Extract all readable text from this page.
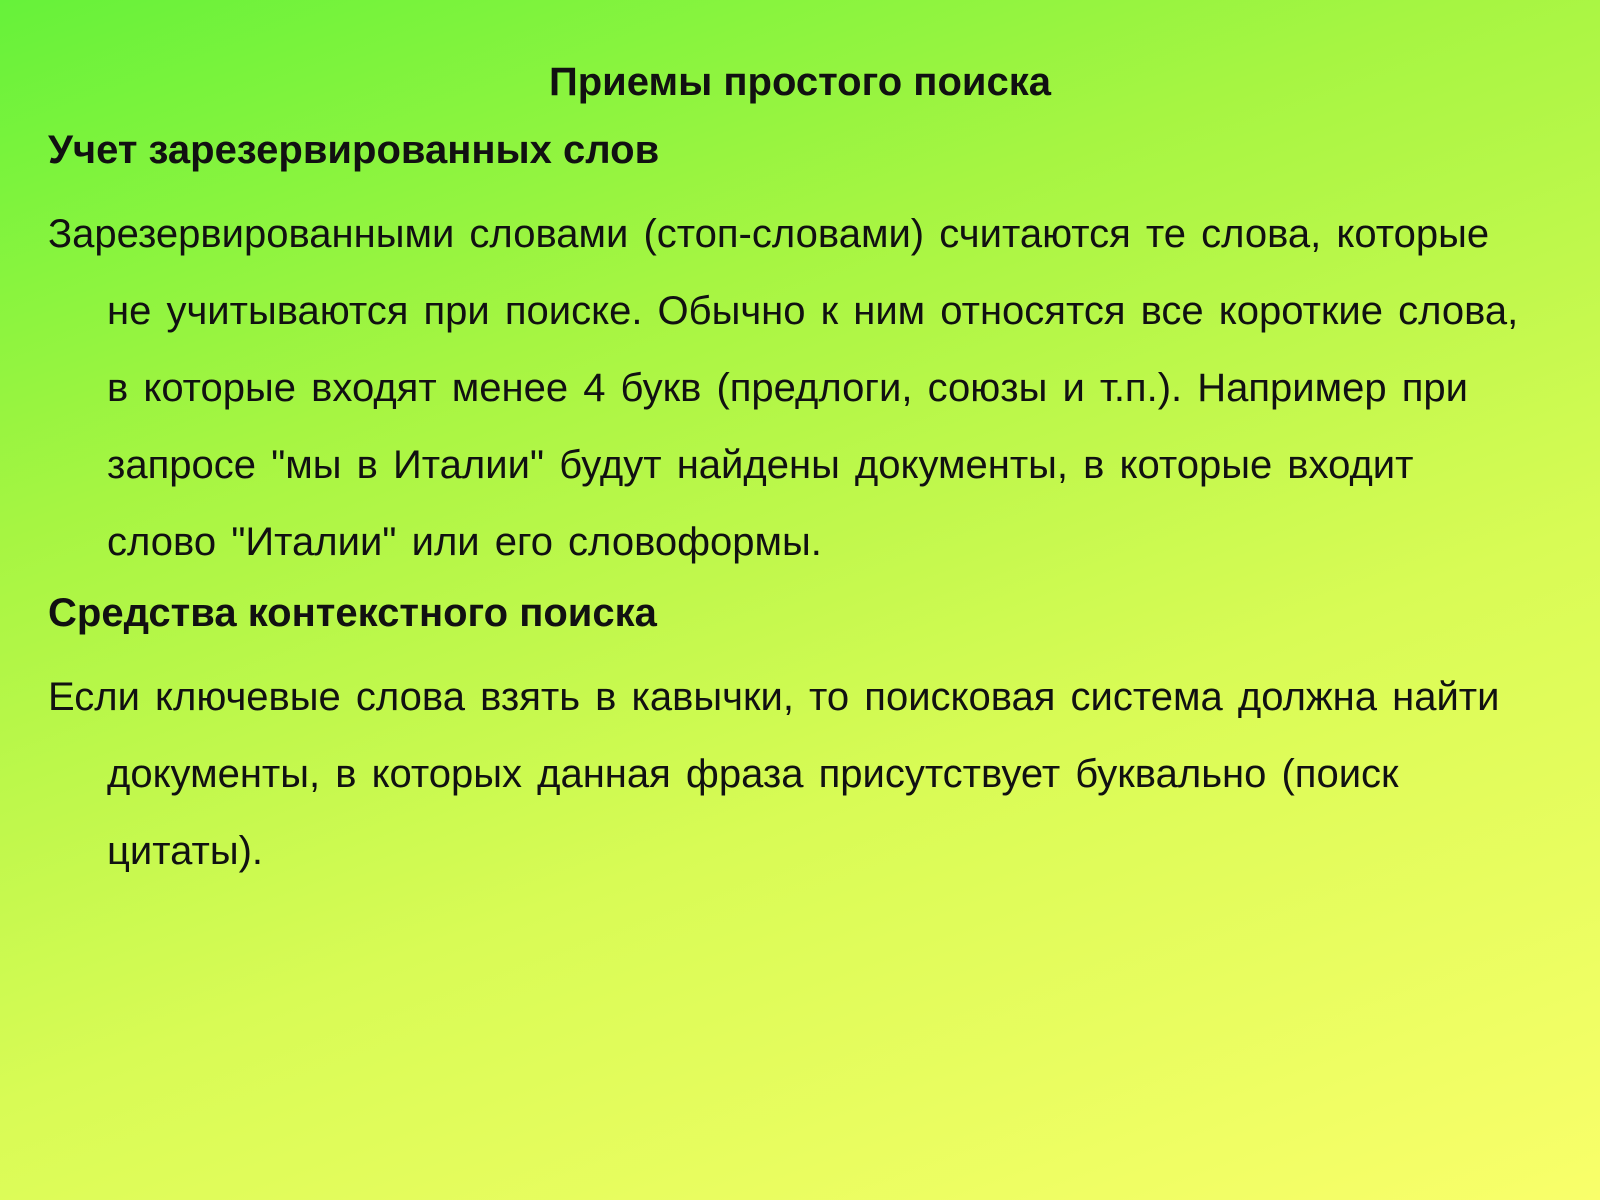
Приемы простого поиска

Учет зарезервированных слов

Зарезервированными словами (стоп-словами) считаются те слова, которые не учитываются при поиске. Обычно к ним относятся все короткие слова, в которые входят менее 4 букв (предлоги, союзы и т.п.). Например при запросе "мы в Италии" будут найдены документы, в которые входит слово "Италии" или его словоформы.

Средства контекстного поиска

Если ключевые слова взять в кавычки, то поисковая система должна найти документы, в которых данная фраза присутствует буквально (поиск цитаты).
